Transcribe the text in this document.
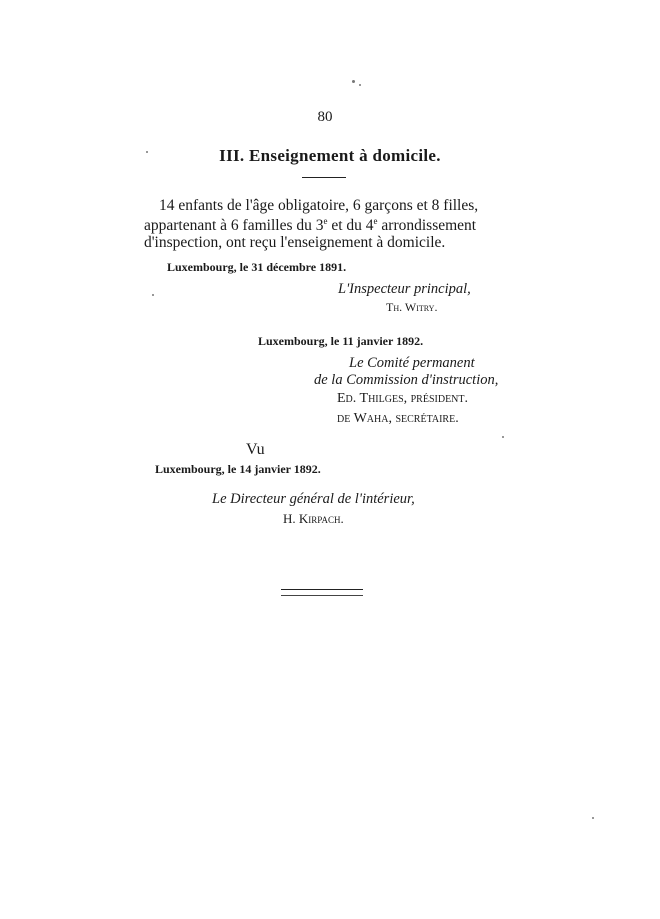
80
III. Enseignement à domicile.
14 enfants de l'âge obligatoire, 6 garçons et 8 filles,
appartenant à 6 familles du 3e et du 4e arrondissement
d'inspection, ont reçu l'enseignement à domicile.
Luxembourg, le 31 décembre 1891.
L'Inspecteur principal,
Th. Witry.
Luxembourg, le 11 janvier 1892.
Le Comité permanent
de la Commission d'instruction,
Ed. Thilges, président.
de Waha, secrétaire.
Vu
Luxembourg, le 14 janvier 1892.
Le Directeur général de l'intérieur,
H. Kirpach.
